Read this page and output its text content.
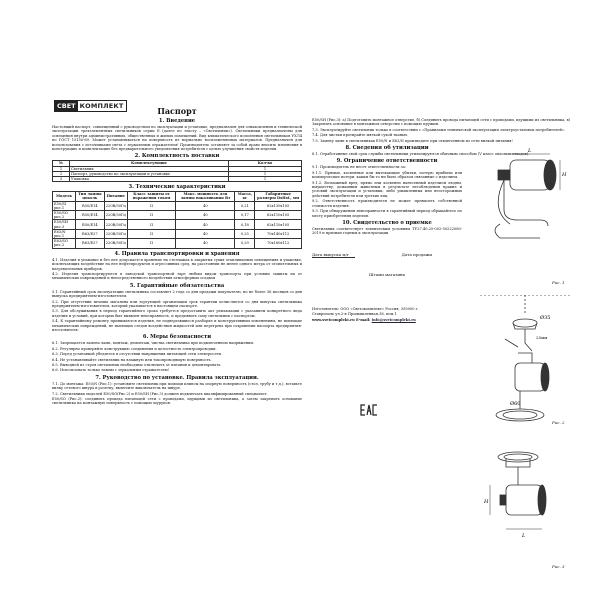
СВЕТ КОМПЛЕКТ	Паспорт
1. Введение
Настоящий паспорт, совмещенный с руководством по эксплуатации и установке, предназначен для ознакомления и технической эксплуатации трехэлементных светильников серии E (далее по тексту – «Светильник»). Светильники предназначены для освещения внутри административных, общественных и жилых помещений. Вид климатического исполнения светильников УХЛ4 по ГОСТ 15150-69. Может устанавливаться на поверхность из нормально воспламеняемых материалов. Предназначен для использования с источниками света с зеркальным отражателем! Производитель оставляет за собой право вносить изменения в конструкцию и комплектацию без предварительного уведомления потребителя с целью улучшения свойств изделия.
2. Комплектность поставки
№	Комплектующие	Кол-во
1	Светильник	1
2	Паспорт, руководство по эксплуатации и установке	1
3	Упаковка	1
3. Технические характеристики
Модель	Тип лампы цоколь	Питание	Класс защиты от поражения током	Макс. мощность для лампы накаливания Вт	Масса, кг	Габаритные размеры DxHxL, мм
E50/SI рис.1	R50/E14	220В/50Гц	II	40	0,21	62x130x105
E50/SO рис.2	R50/E14	220В/50Гц	II	40	0,17	62x110x105
E50/SH рис.3	R50/E14	220В/50Гц	II	40	0,18	62x110x105
E63/N рис.1	R63/E27	220В/50Гц	II	40	0,25	70x140x112
E63/SO рис.2	R63/E27	220В/50Гц	II	40	0,29	70x160x112
4. Правила транспортировки и хранения

4.1. Изделия в упаковке и без нее допускается хранение на стеллажах в закрытых сухих отапливаемых помещениях и упаковке, исключающих воздействие на нее нефтепродуктов и агрессивных сред, на расстоянии не менее одного метра от отопительных и нагревательных приборов.

4.2. Изделия транспортируются в заводской транспортной таре любым видом транспорта при условии защиты их от механических повреждений и непосредственного воздействия атмосферных осадков

5. Гарантийные обязательства

5.1. Гарантийный срок эксплуатации светильника составляет 2 года со дня продажи покупателю, но не более 36 месяцев со дня выпуска предприятием-изготовителем.

5.2. При отсутствии штампа магазина или торгующей организации срок гарантии исчисляется со дня выпуска светильника предприятием-изготовителем, который указывается в настоящем паспорте.

5.3. Для обслуживания в период гарантийного срока требуется предоставить акт рекламации с указанием конкретного вида изделия и условий, при которых был выявлен неисправность, и предъявить саму светильник с паспортом.

5.4. К гарантийному ремонту принимаются изделия, не подвергавшиеся разборке и конструктивным изменениям, не имеющие механических повреждений, не имеющих следов воздействия жидкостей или перегрева при сохранении паспорта предприятия-изготовителя.

6. Меры безопасности

6.1. Запрещается замена ламп, монтаж, демонтаж, чистка светильника при подключенном напряжении.

6.2. Регулярно проверяйте конструкцию соединения и целостность электропроводки.

6.3. Перед установкой убедитесь в отсутствии напряжения питающей сети электросети.

6.4. Не устанавливайте светильник на влажную или токопроводящую поверхность.

6.5. Выводной из строя светильник необходимо отключить от питания и демонтировать.

6.6. Использовать только лампы с зеркальным отражателем!

7. Руководство по установке. Правила эксплуатации.

7.1. До монтажа: E50/N (Рис.1): установите светильник при помощи клипсы на опорную поверхность (стол, трубу и т.д.), вставьте вилку сетевого шнура в розетку, включите выключатель на шнуре.

7.2. Светильники моделей E50/SO(Рис.2) и E50/SH (Рис.3) должен подключать квалифицированный специалист.

E50/SO (Рис.2): соединить провода питающей сети с проводами, идущими из светильника, а затем закрепить основание светильника на монтажную поверхность с помощью шурупов.

E50/SH (Рис.3): а) Подготовить монтажное отверстие, б) Соединить провода питающей сети с проводами, идущими из светильника, в) Закрепить основание в монтажном отверстии с помощью пружин.

7.3. Эксплуатируйте светильник только в соответствии с «Правилами технической эксплуатации электроустановок потребителей».

7.4. Для чистки протирайте мягкой сухой тканью.

7.5. Замену ламп в светильниках E50/N и E63/N производите при отключенном из сети вилкой питания!

8. Сведения об утилизации

8.1. Отработанные свой срок службы светильники утилизируются обычным способом (V класс опасных отходов).

9. Ограничение ответственности

9.1. Производитель не несет ответственности за:

9.1.1. Прямые, косвенные или вытекающие убытки, потерю прибыли или коммерческие потери, каким бы то ни было образом связанные с изделием.

9.1.2. Возможный вред, прямо или косвенно нанесенный изделием людям, имуществу, домашним животным в результате несоблюдения правил и условий эксплуатации и установки, либо умышленных или неосторожных действий потребителя или третьих лиц.

9.2. Ответственность производителя не может превысить собственной стоимости изделия.

9.3. При обнаружении неисправности в гарантийный период обращайтесь по месту приобретения изделия.

10. Свидетельство о приемке

Светильник соответствует техническим условиям ТУ27.40.25-002-50222080-2019 и признан годным к эксплуатации

Дата выпуска м/г	Дата продажи
Штамп магазина

Изготовитель: ООО «Светокомплект» Россия, 355000 г.

Ставрополь ул.2-я Промышленная,38, пом.1

www.svetcomplekt.ru E-mail: info@svetcomplekt.ru

H
L
Рис. 1
Ø35
25мм
Ø60
Рис. 2
H
L
Рис. 3
